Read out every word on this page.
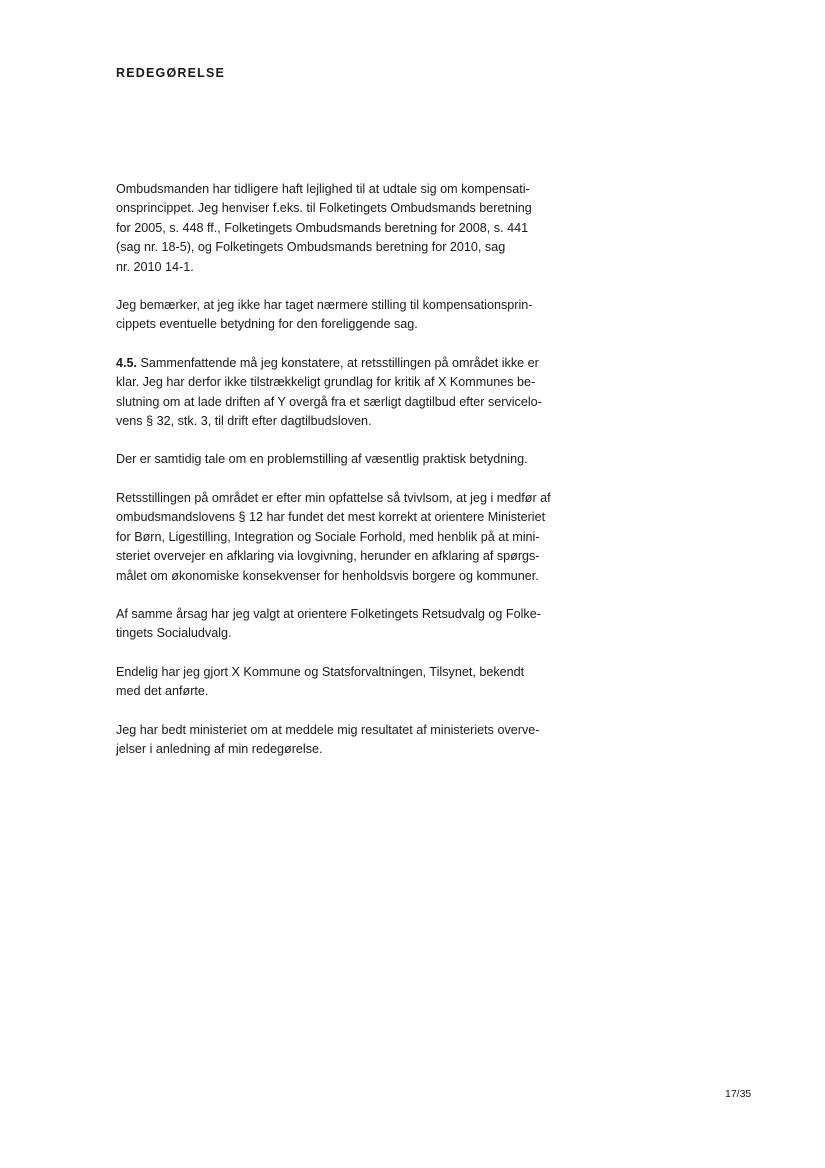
REDEGØRELSE

Ombudsmanden har tidligere haft lejlighed til at udtale sig om kompensati-
onsprincippet. Jeg henviser f.eks. til Folketingets Ombudsmands beretning
for 2005, s. 448 ff., Folketingets Ombudsmands beretning for 2008, s. 441
(sag nr. 18-5), og Folketingets Ombudsmands beretning for 2010, sag
nr. 2010 14-1.

Jeg bemærker, at jeg ikke har taget nærmere stilling til kompensationsprin-
cippets eventuelle betydning for den foreliggende sag.

4.5. Sammenfattende må jeg konstatere, at retsstillingen på området ikke er
klar. Jeg har derfor ikke tilstrækkeligt grundlag for kritik af X Kommunes be-
slutning om at lade driften af Y overgå fra et særligt dagtilbud efter servicelo-
vens § 32, stk. 3, til drift efter dagtilbudsloven.

Der er samtidig tale om en problemstilling af væsentlig praktisk betydning.

Retsstillingen på området er efter min opfattelse så tvivlsom, at jeg i medfør af
ombudsmandslovens § 12 har fundet det mest korrekt at orientere Ministeriet
for Børn, Ligestilling, Integration og Sociale Forhold, med henblik på at mini-
steriet overvejer en afklaring via lovgivning, herunder en afklaring af spørgs-
målet om økonomiske konsekvenser for henholdsvis borgere og kommuner.

Af samme årsag har jeg valgt at orientere Folketingets Retsudvalg og Folke-
tingets Socialudvalg.

Endelig har jeg gjort X Kommune og Statsforvaltningen, Tilsynet, bekendt
med det anførte.

Jeg har bedt ministeriet om at meddele mig resultatet af ministeriets overve-
jelser i anledning af min redegørelse.

17/35
